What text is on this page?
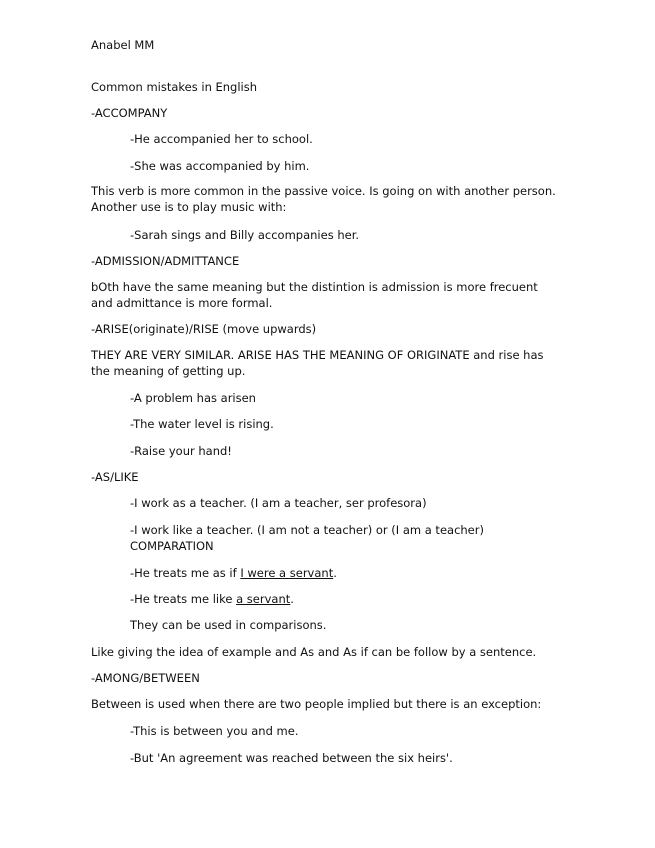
Anabel MM
Common mistakes in English
-ACCOMPANY
-He accompanied her to school.
-She was accompanied by him.
This verb is more common in the passive voice. Is going on with another person. Another use is to play music with:
-Sarah sings and Billy accompanies her.
-ADMISSION/ADMITTANCE
bOth have the same meaning but the distintion is admission is more frecuent and admittance is more formal.
-ARISE(originate)/RISE (move upwards)
THEY ARE VERY SIMILAR. ARISE HAS THE MEANING OF ORIGINATE and rise has the meaning of getting up.
-A problem has arisen
-The water level is rising.
-Raise your hand!
-AS/LIKE
-I work as a teacher. (I am a teacher, ser profesora)
-I work like a teacher. (I am not a teacher) or (I am a teacher) COMPARATION
-He treats me as if I were a servant.
-He treats me like a servant.
They can be used in comparisons.
Like giving the idea of example and As and As if can be follow by a sentence.
-AMONG/BETWEEN
Between is used when there are two people implied but there is an exception:
-This is between you and me.
-But 'An agreement was reached between the six heirs'.
